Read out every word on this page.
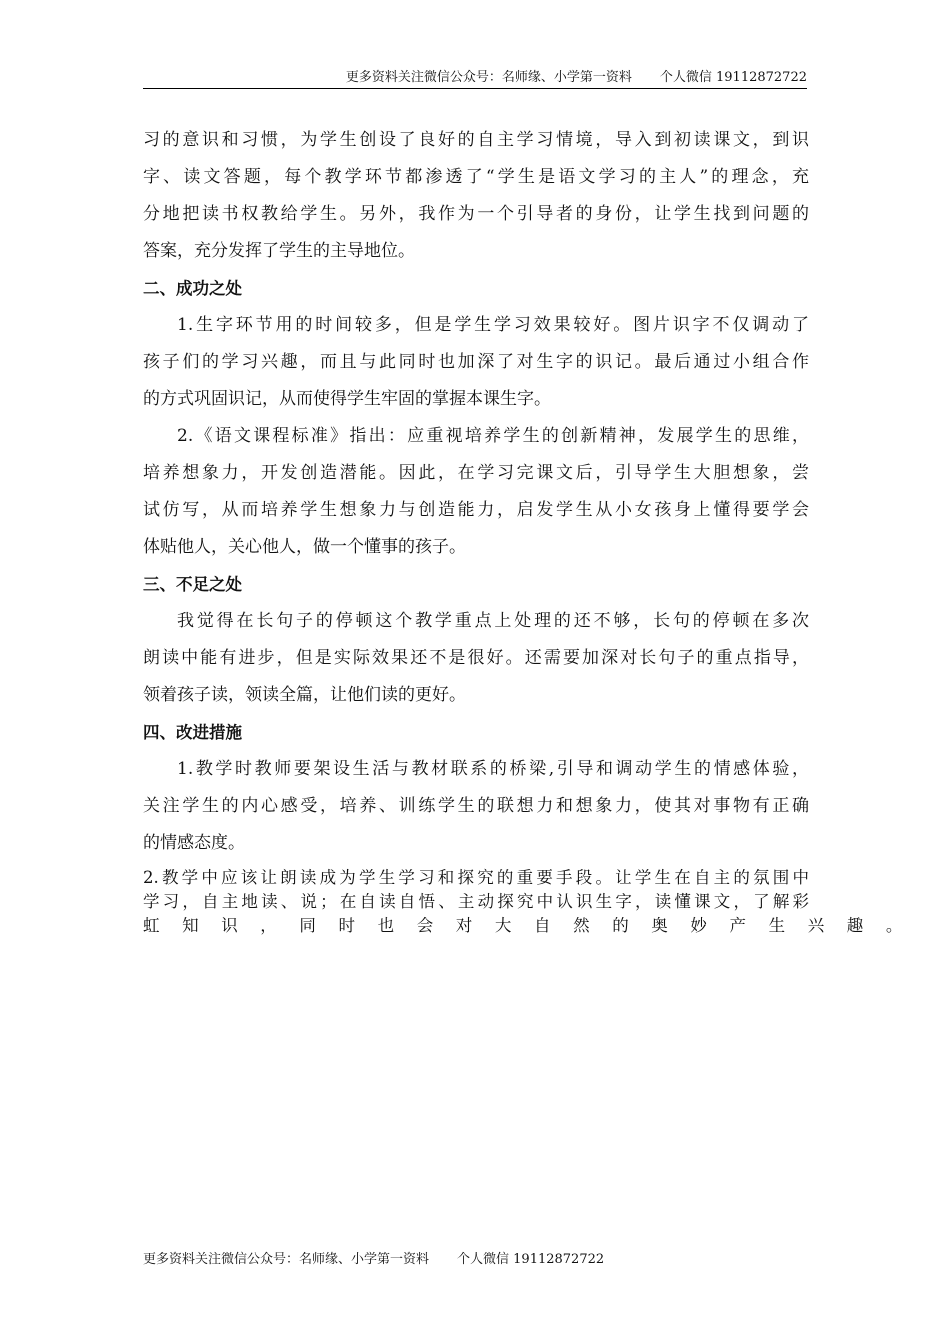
更多资料关注微信公众号：名师缘、小学第一资料 个人微信 19112872722
习的意识和习惯，为学生创设了良好的自主学习情境，导入到初读课文，到识
字、读文答题，每个教学环节都渗透了“学生是语文学习的主人”的理念，充
分地把读书权教给学生。另外，我作为一个引导者的身份，让学生找到问题的
答案，充分发挥了学生的主导地位。
二、成功之处
1.生字环节用的时间较多，但是学生学习效果较好。图片识字不仅调动了
孩子们的学习兴趣，而且与此同时也加深了对生字的识记。最后通过小组合作
的方式巩固识记，从而使得学生牢固的掌握本课生字。
2.《语文课程标准》指出：应重视培养学生的创新精神，发展学生的思维，
培养想象力，开发创造潜能。因此，在学习完课文后，引导学生大胆想象，尝
试仿写，从而培养学生想象力与创造能力，启发学生从小女孩身上懂得要学会
体贴他人，关心他人，做一个懂事的孩子。
三、不足之处
我觉得在长句子的停顿这个教学重点上处理的还不够，长句的停顿在多次
朗读中能有进步，但是实际效果还不是很好。还需要加深对长句子的重点指导，
领着孩子读，领读全篇，让他们读的更好。
四、改进措施
1.教学时教师要架设生活与教材联系的桥梁,引导和调动学生的情感体验，
关注学生的内心感受，培养、训练学生的联想力和想象力，使其对事物有正确
的情感态度。
2.教学中应该让朗读成为学生学习和探究的重要手段。让学生在自主的氛围中
学习，自主地读、说；在自读自悟、主动探究中认识生字，读懂课文，了解彩
虹知识，同时也会对大自然的奥妙产生兴趣。
更多资料关注微信公众号：名师缘、小学第一资料 个人微信 19112872722
